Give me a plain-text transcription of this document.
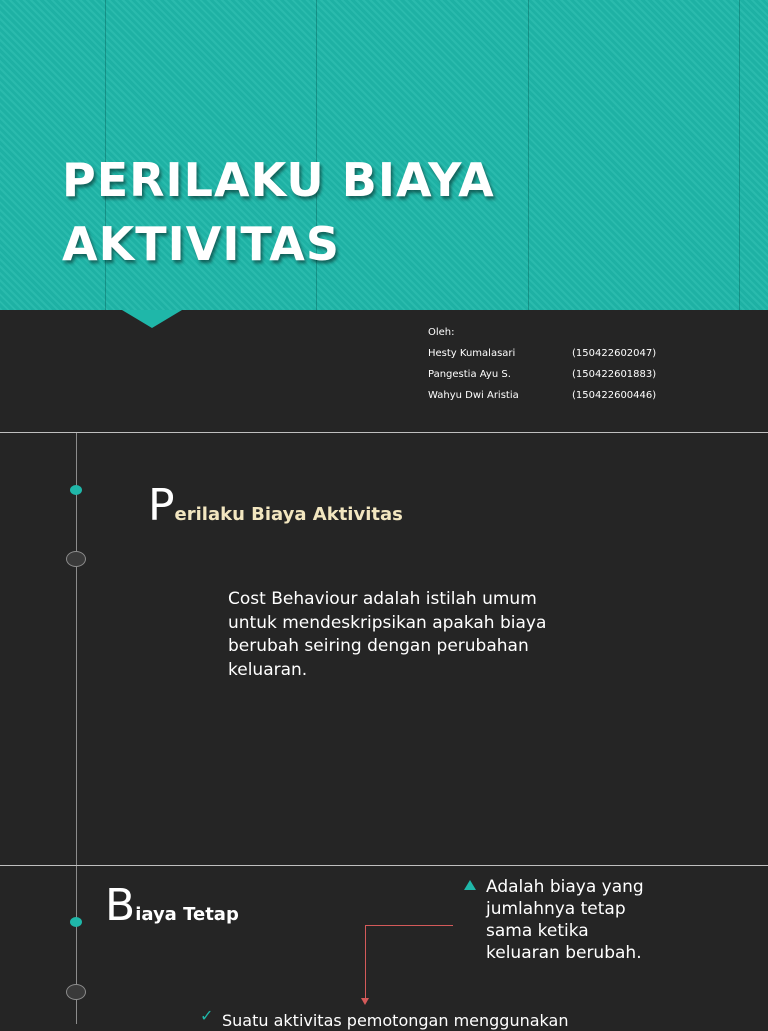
PERILAKU BIAYA
AKTIVITAS
Oleh:
Hesty Kumalasari	(150422602047)
Pangestia Ayu S.	(150422601883)
Wahyu Dwi Aristia	(150422600446)
Perilaku Biaya Aktivitas
Cost Behaviour adalah istilah umum
untuk mendeskripsikan apakah biaya
berubah seiring dengan perubahan
keluaran.
Biaya Tetap
Adalah biaya yang
jumlahnya tetap
sama ketika
keluaran berubah.
✓ Suatu aktivitas pemotongan menggunakan
